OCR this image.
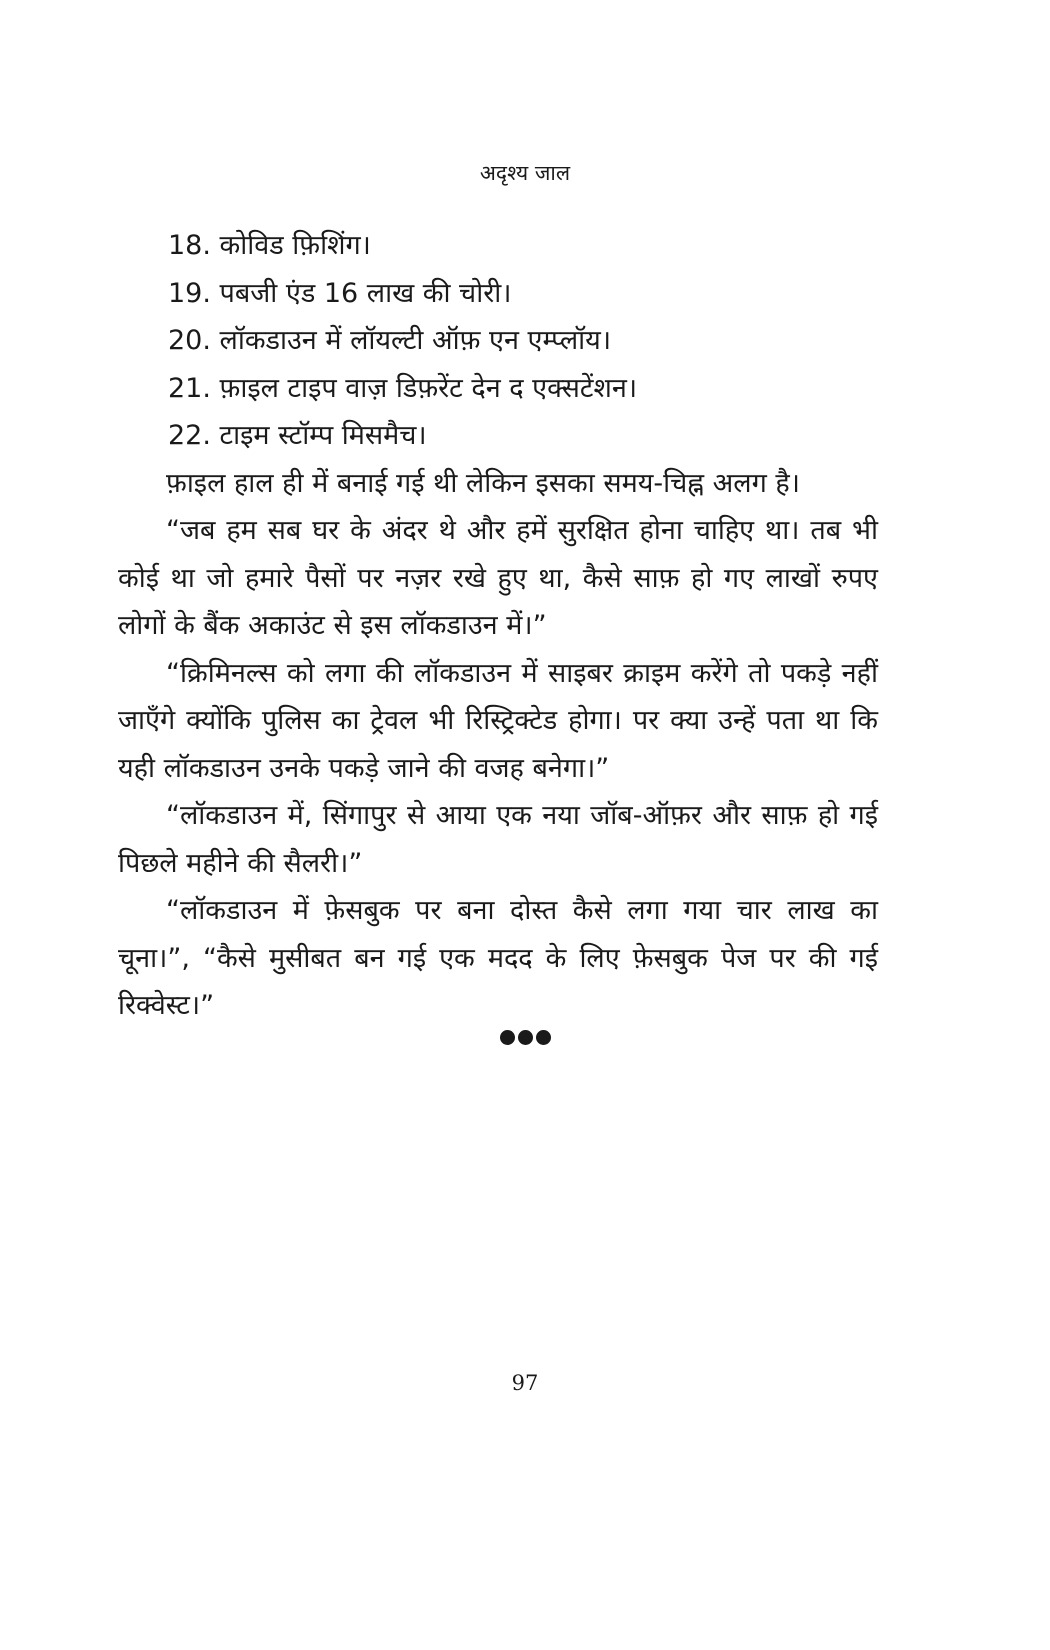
अदृश्य जाल
18. कोविड फ़िशिंग।
19. पबजी एंड 16 लाख की चोरी।
20. लॉकडाउन में लॉयल्टी ऑफ़ एन एम्प्लॉय।
21. फ़ाइल टाइप वाज़ डिफ़रेंट देन द एक्सटेंशन।
22. टाइम स्टॉम्प मिसमैच।

फ़ाइल हाल ही में बनाई गई थी लेकिन इसका समय-चिह्न अलग है।

“जब हम सब घर के अंदर थे और हमें सुरक्षित होना चाहिए था। तब भी कोई था जो हमारे पैसों पर नज़र रखे हुए था, कैसे साफ़ हो गए लाखों रुपए लोगों के बैंक अकाउंट से इस लॉकडाउन में।”

“क्रिमिनल्स को लगा की लॉकडाउन में साइबर क्राइम करेंगे तो पकड़े नहीं जाएँगे क्योंकि पुलिस का ट्रेवल भी रिस्ट्रिक्टेड होगा। पर क्या उन्हें पता था कि यही लॉकडाउन उनके पकड़े जाने की वजह बनेगा।”

“लॉकडाउन में, सिंगापुर से आया एक नया जॉब-ऑफ़र और साफ़ हो गई पिछले महीने की सैलरी।”

“लॉकडाउन में फ़ेसबुक पर बना दोस्त कैसे लगा गया चार लाख का चूना।”, “कैसे मुसीबत बन गई एक मदद के लिए फ़ेसबुक पेज पर की गई रिक्वेस्ट।”

97
